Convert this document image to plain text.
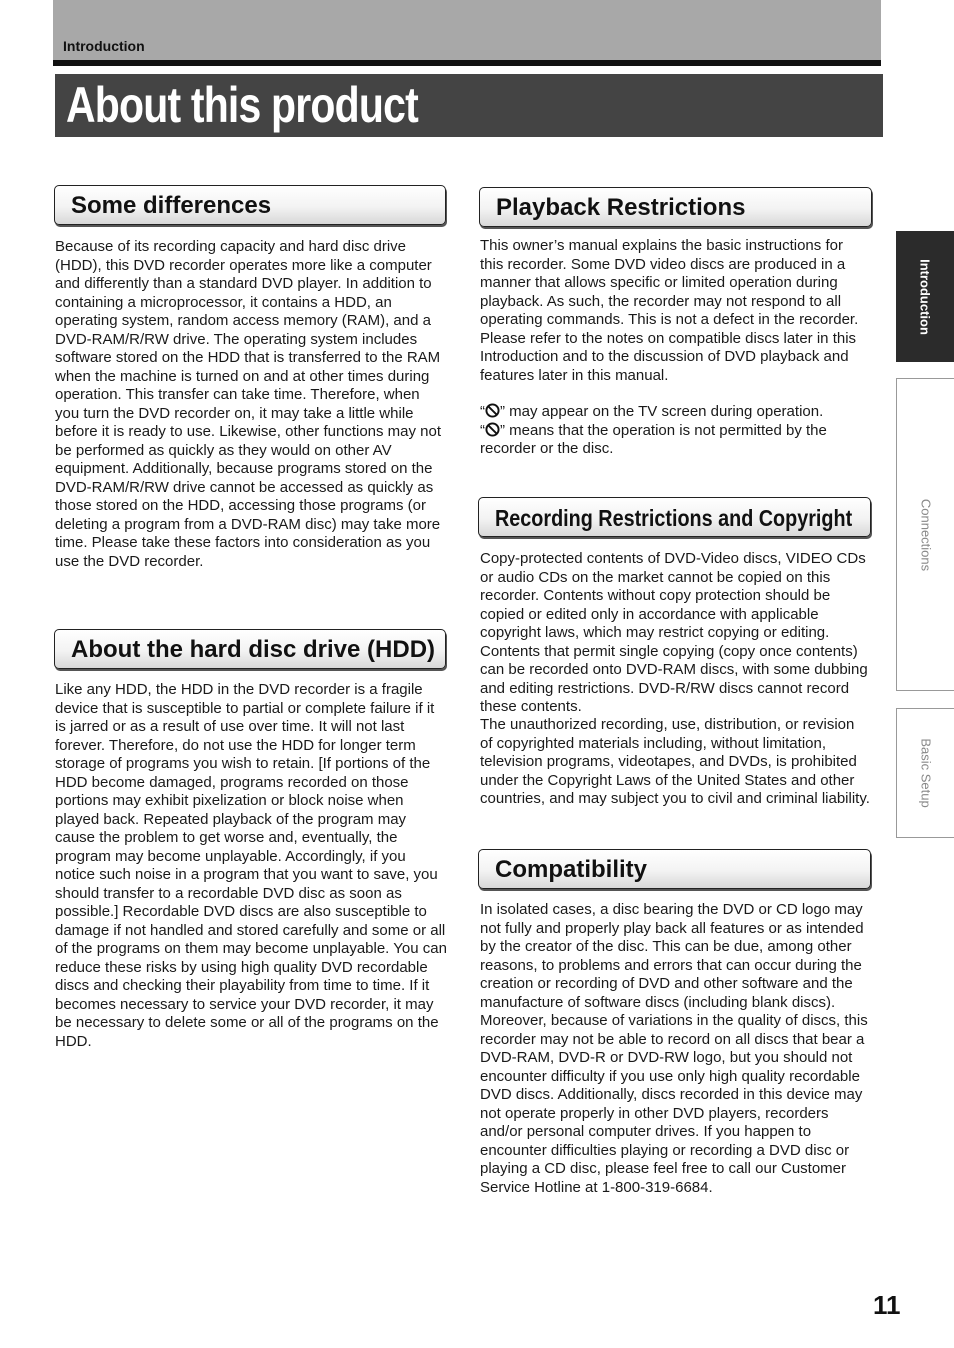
Introduction
About this product
Some differences

Because of its recording capacity and hard disc drive (HDD), this DVD recorder operates more like a computer and differently than a standard DVD player. In addition to containing a microprocessor, it contains a HDD, an operating system, random access memory (RAM), and a DVD-RAM/R/RW drive. The operating system includes software stored on the HDD that is transferred to the RAM when the machine is turned on and at other times during operation. This transfer can take time. Therefore, when you turn the DVD recorder on, it may take a little while before it is ready to use. Likewise, other functions may not be performed as quickly as they would on other AV equipment. Additionally, because programs stored on the DVD-RAM/R/RW drive cannot be accessed as quickly as those stored on the HDD, accessing those programs (or deleting a program from a DVD-RAM disc) may take more time. Please take these factors into consideration as you use the DVD recorder.

About the hard disc drive (HDD)

Like any HDD, the HDD in the DVD recorder is a fragile device that is susceptible to partial or complete failure if it is jarred or as a result of use over time. It will not last forever. Therefore, do not use the HDD for longer term storage of programs you wish to retain. [If portions of the HDD become damaged, programs recorded on those portions may exhibit pixelization or block noise when played back. Repeated playback of the program may cause the problem to get worse and, eventually, the program may become unplayable. Accordingly, if you notice such noise in a program that you want to save, you should transfer to a recordable DVD disc as soon as possible.] Recordable DVD discs are also susceptible to damage if not handled and stored carefully and some or all of the programs on them may become unplayable. You can reduce these risks by using high quality DVD recordable discs and checking their playability from time to time. If it becomes necessary to service your DVD recorder, it may be necessary to delete some or all of the programs on the HDD.

Playback Restrictions

This owner’s manual explains the basic instructions for this recorder. Some DVD video discs are produced in a manner that allows specific or limited operation during playback. As such, the recorder may not respond to all operating commands. This is not a defect in the recorder. Please refer to the notes on compatible discs later in this Introduction and to the discussion of DVD playback and features later in this manual.

“ ” may appear on the TV screen during operation.
“ ” means that the operation is not permitted by the recorder or the disc.

Recording Restrictions and Copyright

Copy-protected contents of DVD-Video discs, VIDEO CDs or audio CDs on the market cannot be copied on this recorder. Contents without copy protection should be copied or edited only in accordance with applicable copyright laws, which may restrict copying or editing. Contents that permit single copying (copy once contents) can be recorded onto DVD-RAM discs, with some dubbing and editing restrictions. DVD-R/RW discs cannot record these contents.

The unauthorized recording, use, distribution, or revision of copyrighted materials including, without limitation, television programs, videotapes, and DVDs, is prohibited under the Copyright Laws of the United States and other countries, and may subject you to civil and criminal liability.

Compatibility

In isolated cases, a disc bearing the DVD or CD logo may not fully and properly play back all features or as intended by the creator of the disc. This can be due, among other reasons, to problems and errors that can occur during the creation or recording of DVD and other software and the manufacture of software discs (including blank discs). Moreover, because of variations in the quality of discs, this recorder may not be able to record on all discs that bear a DVD-RAM, DVD-R or DVD-RW logo, but you should not encounter difficulty if you use only high quality recordable DVD discs. Additionally, discs recorded in this device may not operate properly in other DVD players, recorders and/or personal computer drives. If you happen to encounter difficulties playing or recording a DVD disc or playing a CD disc, please feel free to call our Customer Service Hotline at 1-800-319-6684.

Introduction
Connections
Basic Setup
11
